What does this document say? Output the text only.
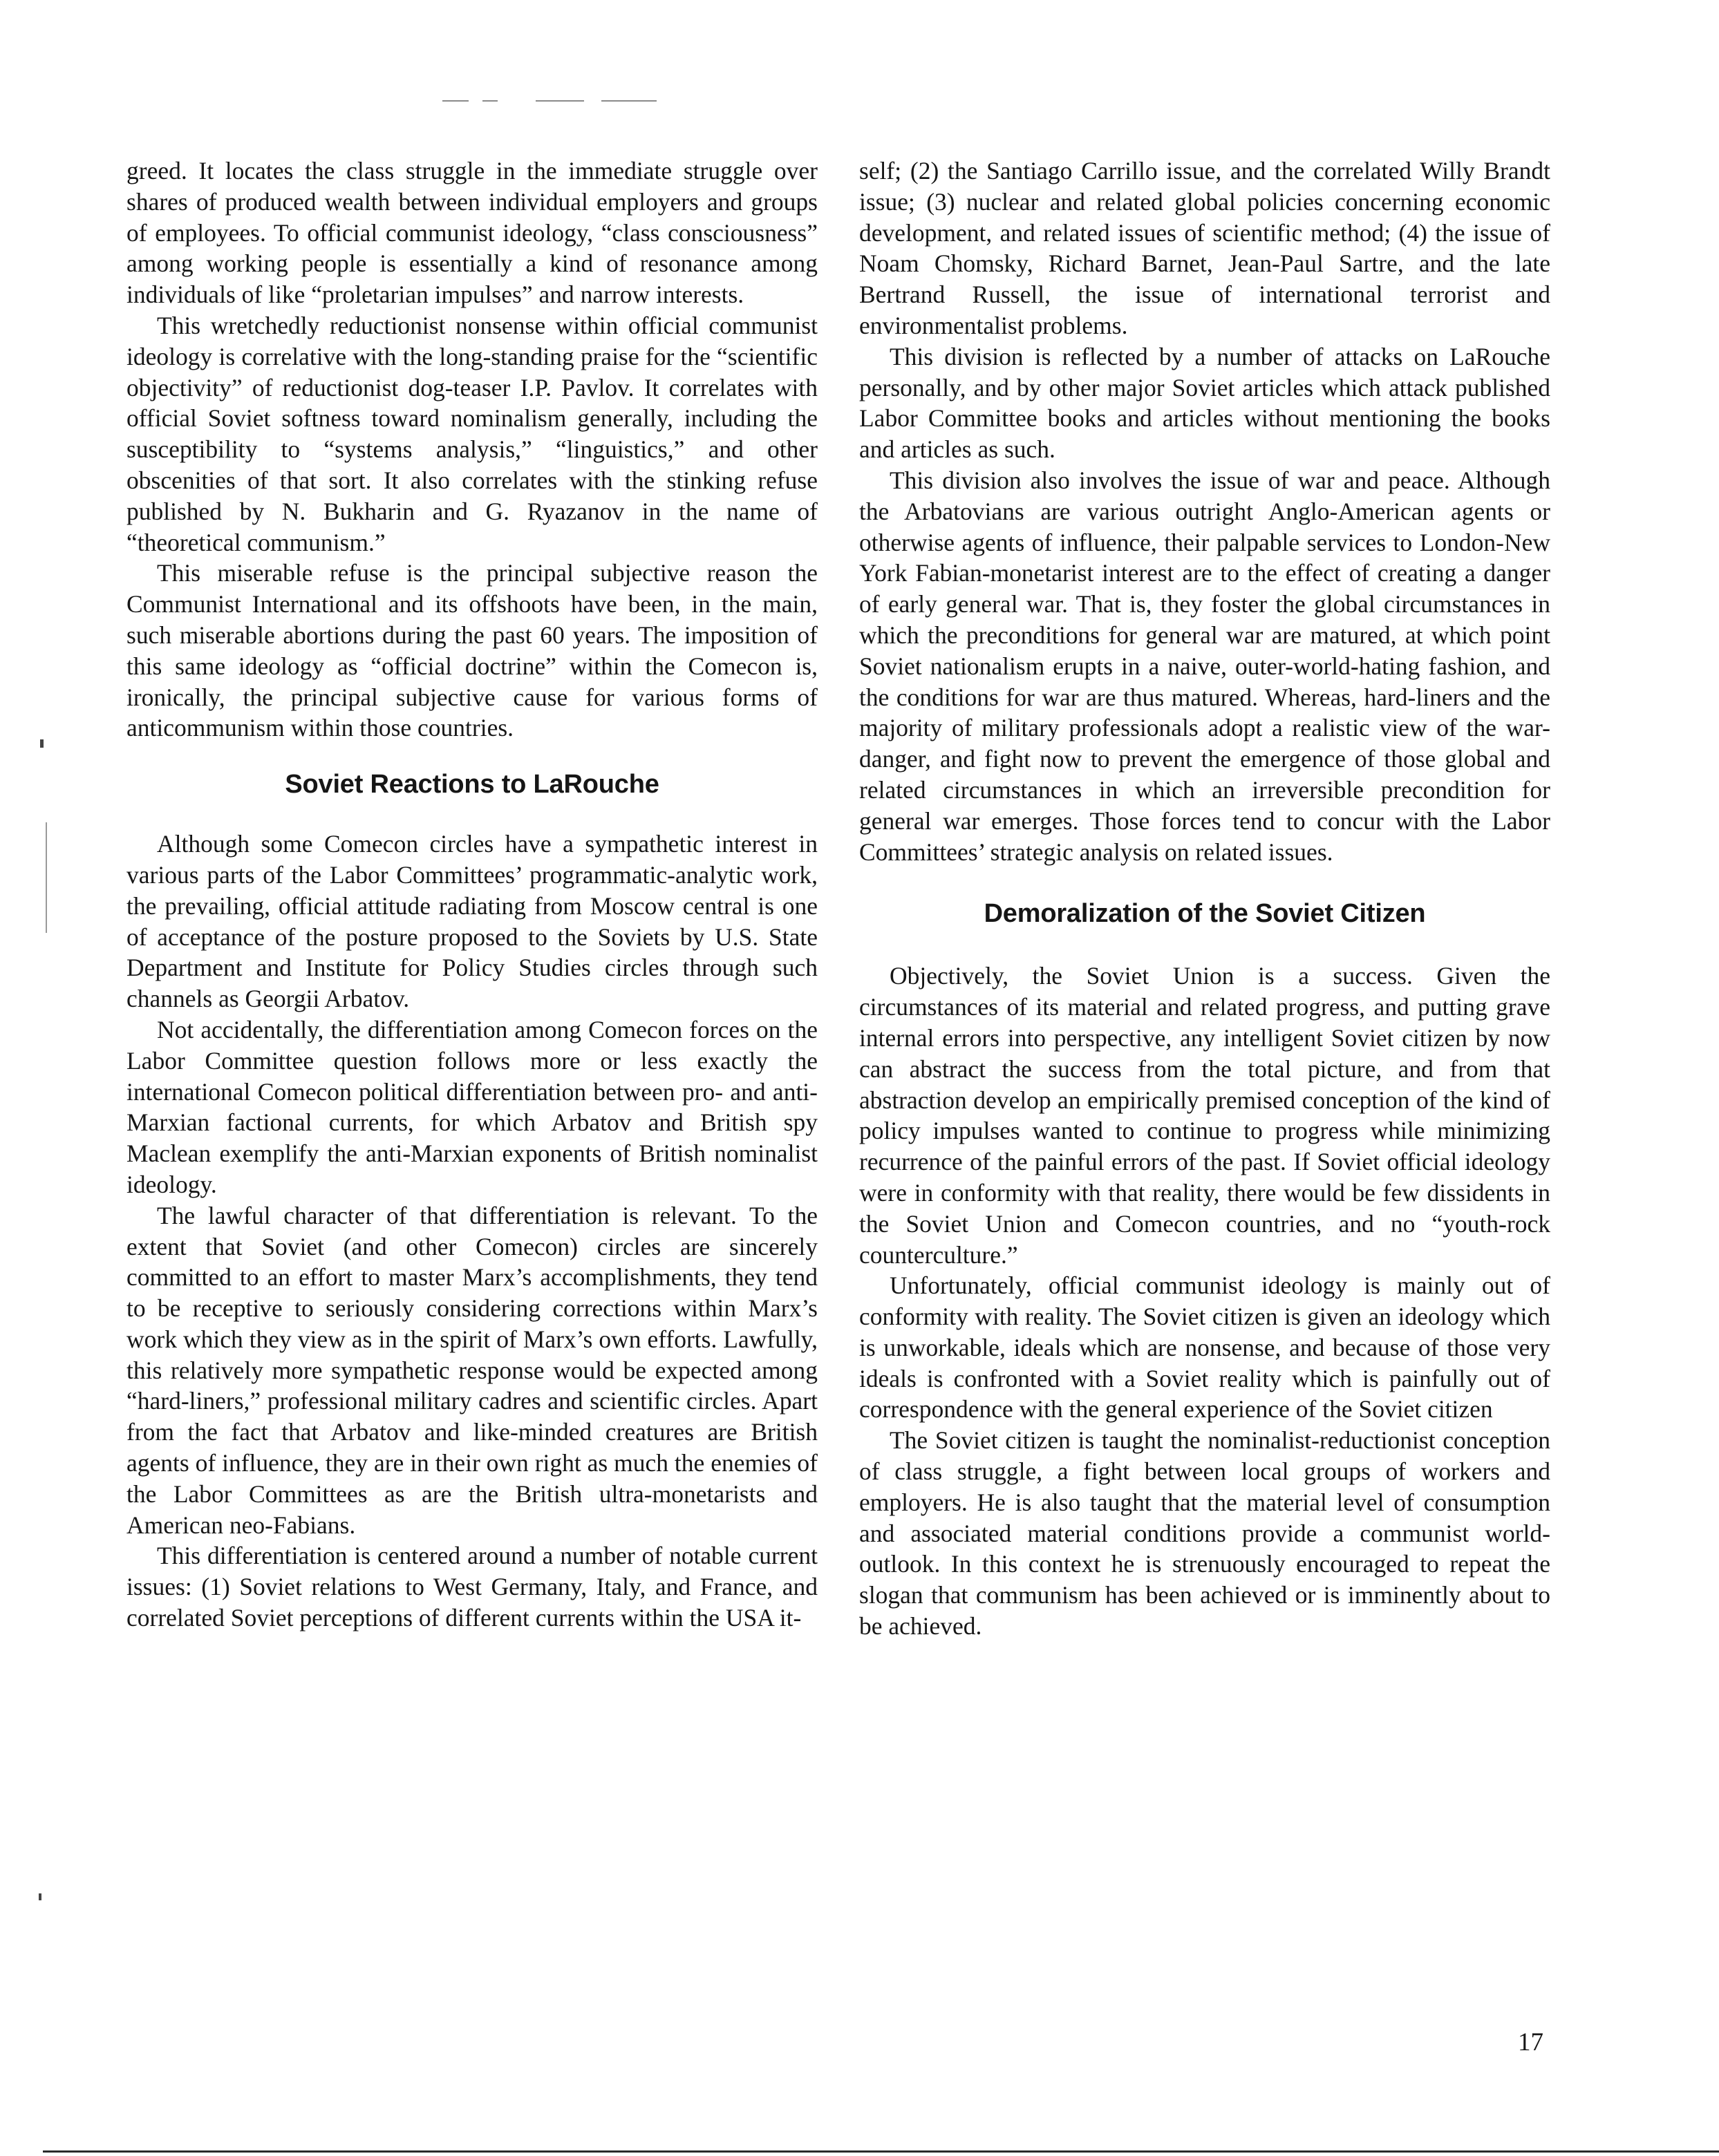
greed. It locates the class struggle in the immediate struggle over shares of produced wealth between individual employers and groups of employees. To official communist ideology, “class consciousness” among working people is essentially a kind of resonance among individuals of like “proletarian impulses” and narrow interests.

This wretchedly reductionist nonsense within official communist ideology is correlative with the long-standing praise for the “scientific objectivity” of reductionist dog-teaser I.P. Pavlov. It correlates with official Soviet softness toward nominalism generally, including the susceptibility to “systems analysis,” “linguistics,” and other obscenities of that sort. It also correlates with the stinking refuse published by N. Bukharin and G. Ryazanov in the name of “theoretical communism.”

This miserable refuse is the principal subjective reason the Communist International and its offshoots have been, in the main, such miserable abortions during the past 60 years. The imposition of this same ideology as “official doctrine” within the Comecon is, ironically, the principal subjective cause for various forms of anticommunism within those countries.

Soviet Reactions to LaRouche

Although some Comecon circles have a sympathetic interest in various parts of the Labor Committees’ programmatic-analytic work, the prevailing, official attitude radiating from Moscow central is one of acceptance of the posture proposed to the Soviets by U.S. State Department and Institute for Policy Studies circles through such channels as Georgii Arbatov.

Not accidentally, the differentiation among Comecon forces on the Labor Committee question follows more or less exactly the international Comecon political differentiation between pro- and anti-Marxian factional currents, for which Arbatov and British spy Maclean exemplify the anti-Marxian exponents of British nominalist ideology.

The lawful character of that differentiation is relevant. To the extent that Soviet (and other Comecon) circles are sincerely committed to an effort to master Marx’s accomplishments, they tend to be receptive to seriously considering corrections within Marx’s work which they view as in the spirit of Marx’s own efforts. Lawfully, this relatively more sympathetic response would be expected among “hard-liners,” professional military cadres and scientific circles. Apart from the fact that Arbatov and like-minded creatures are British agents of influence, they are in their own right as much the enemies of the Labor Committees as are the British ultra-monetarists and American neo-Fabians.

This differentiation is centered around a number of notable current issues: (1) Soviet relations to West Germany, Italy, and France, and correlated Soviet perceptions of different currents within the USA it-

self; (2) the Santiago Carrillo issue, and the correlated Willy Brandt issue; (3) nuclear and related global policies concerning economic development, and related issues of scientific method; (4) the issue of Noam Chomsky, Richard Barnet, Jean-Paul Sartre, and the late Bertrand Russell, the issue of international terrorist and environmentalist problems.

This division is reflected by a number of attacks on LaRouche personally, and by other major Soviet articles which attack published Labor Committee books and articles without mentioning the books and articles as such.

This division also involves the issue of war and peace. Although the Arbatovians are various outright Anglo-American agents or otherwise agents of influence, their palpable services to London-New York Fabian-monetarist interest are to the effect of creating a danger of early general war. That is, they foster the global circumstances in which the preconditions for general war are matured, at which point Soviet nationalism erupts in a naive, outer-world-hating fashion, and the conditions for war are thus matured. Whereas, hard-liners and the majority of military professionals adopt a realistic view of the war-danger, and fight now to prevent the emergence of those global and related circumstances in which an irreversible precondition for general war emerges. Those forces tend to concur with the Labor Committees’ strategic analysis on related issues.

Demoralization of the Soviet Citizen

Objectively, the Soviet Union is a success. Given the circumstances of its material and related progress, and putting grave internal errors into perspective, any intelligent Soviet citizen by now can abstract the success from the total picture, and from that abstraction develop an empirically premised conception of the kind of policy impulses wanted to continue to progress while minimizing recurrence of the painful errors of the past. If Soviet official ideology were in conformity with that reality, there would be few dissidents in the Soviet Union and Comecon countries, and no “youth-rock counterculture.”

Unfortunately, official communist ideology is mainly out of conformity with reality. The Soviet citizen is given an ideology which is unworkable, ideals which are nonsense, and because of those very ideals is confronted with a Soviet reality which is painfully out of correspondence with the general experience of the Soviet citizen

The Soviet citizen is taught the nominalist-reductionist conception of class struggle, a fight between local groups of workers and employers. He is also taught that the material level of consumption and associated material conditions provide a communist world-outlook. In this context he is strenuously encouraged to repeat the slogan that communism has been achieved or is imminently about to be achieved.

17
